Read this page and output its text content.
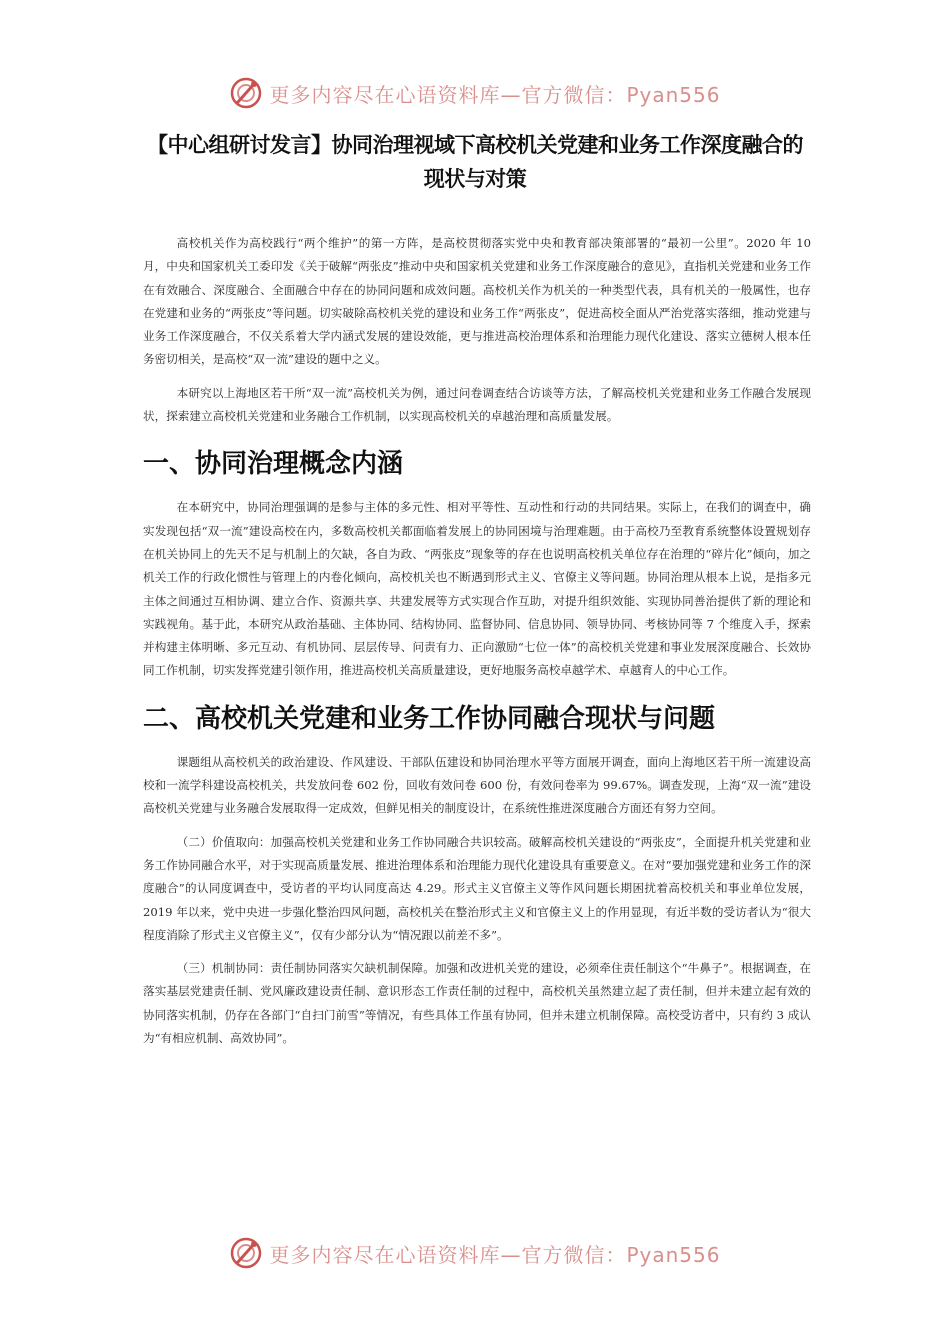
更多内容尽在心语资料库—官方微信：Pyan556
【中心组研讨发言】协同治理视域下高校机关党建和业务工作深度融合的现状与对策

高校机关作为高校践行“两个维护”的第一方阵，是高校贯彻落实党中央和教育部决策部署的“最初一公里”。2020 年 10 月，中央和国家机关工委印发《关于破解“两张皮”推动中央和国家机关党建和业务工作深度融合的意见》，直指机关党建和业务工作在有效融合、深度融合、全面融合中存在的协同问题和成效问题。高校机关作为机关的一种类型代表，具有机关的一般属性，也存在党建和业务的“两张皮”等问题。切实破除高校机关党的建设和业务工作“两张皮”，促进高校全面从严治党落实落细，推动党建与业务工作深度融合，不仅关系着大学内涵式发展的建设效能，更与推进高校治理体系和治理能力现代化建设、落实立德树人根本任务密切相关，是高校“双一流”建设的题中之义。

本研究以上海地区若干所“双一流”高校机关为例，通过问卷调查结合访谈等方法，了解高校机关党建和业务工作融合发展现状，探索建立高校机关党建和业务融合工作机制，以实现高校机关的卓越治理和高质量发展。

一、协同治理概念内涵

在本研究中，协同治理强调的是参与主体的多元性、相对平等性、互动性和行动的共同结果。实际上，在我们的调查中，确实发现包括“双一流”建设高校在内，多数高校机关都面临着发展上的协同困境与治理难题。由于高校乃至教育系统整体设置规划存在机关协同上的先天不足与机制上的欠缺，各自为政、“两张皮”现象等的存在也说明高校机关单位存在治理的“碎片化”倾向，加之机关工作的行政化惯性与管理上的内卷化倾向，高校机关也不断遇到形式主义、官僚主义等问题。协同治理从根本上说，是指多元主体之间通过互相协调、建立合作、资源共享、共建发展等方式实现合作互助，对提升组织效能、实现协同善治提供了新的理论和实践视角。基于此，本研究从政治基础、主体协同、结构协同、监督协同、信息协同、领导协同、考核协同等 7 个维度入手，探索并构建主体明晰、多元互动、有机协同、层层传导、问责有力、正向激励“七位一体”的高校机关党建和事业发展深度融合、长效协同工作机制，切实发挥党建引领作用，推进高校机关高质量建设，更好地服务高校卓越学术、卓越育人的中心工作。

二、高校机关党建和业务工作协同融合现状与问题

课题组从高校机关的政治建设、作风建设、干部队伍建设和协同治理水平等方面展开调查，面向上海地区若干所一流建设高校和一流学科建设高校机关，共发放问卷 602 份，回收有效问卷 600 份，有效问卷率为 99.67%。调查发现，上海“双一流”建设高校机关党建与业务融合发展取得一定成效，但鲜见相关的制度设计，在系统性推进深度融合方面还有努力空间。

（二）价值取向：加强高校机关党建和业务工作协同融合共识较高。破解高校机关建设的“两张皮”，全面提升机关党建和业务工作协同融合水平，对于实现高质量发展、推进治理体系和治理能力现代化建设具有重要意义。在对“要加强党建和业务工作的深度融合”的认同度调查中，受访者的平均认同度高达 4.29。形式主义官僚主义等作风问题长期困扰着高校机关和事业单位发展，2019 年以来，党中央进一步强化整治四风问题，高校机关在整治形式主义和官僚主义上的作用显现，有近半数的受访者认为“很大程度消除了形式主义官僚主义”，仅有少部分认为“情况跟以前差不多”。

（三）机制协同：责任制协同落实欠缺机制保障。加强和改进机关党的建设，必须牵住责任制这个“牛鼻子”。根据调查，在落实基层党建责任制、党风廉政建设责任制、意识形态工作责任制的过程中，高校机关虽然建立起了责任制，但并未建立起有效的协同落实机制，仍存在各部门“自扫门前雪”等情况，有些具体工作虽有协同，但并未建立机制保障。高校受访者中，只有约 3 成认为“有相应机制、高效协同”。

更多内容尽在心语资料库—官方微信：Pyan556
